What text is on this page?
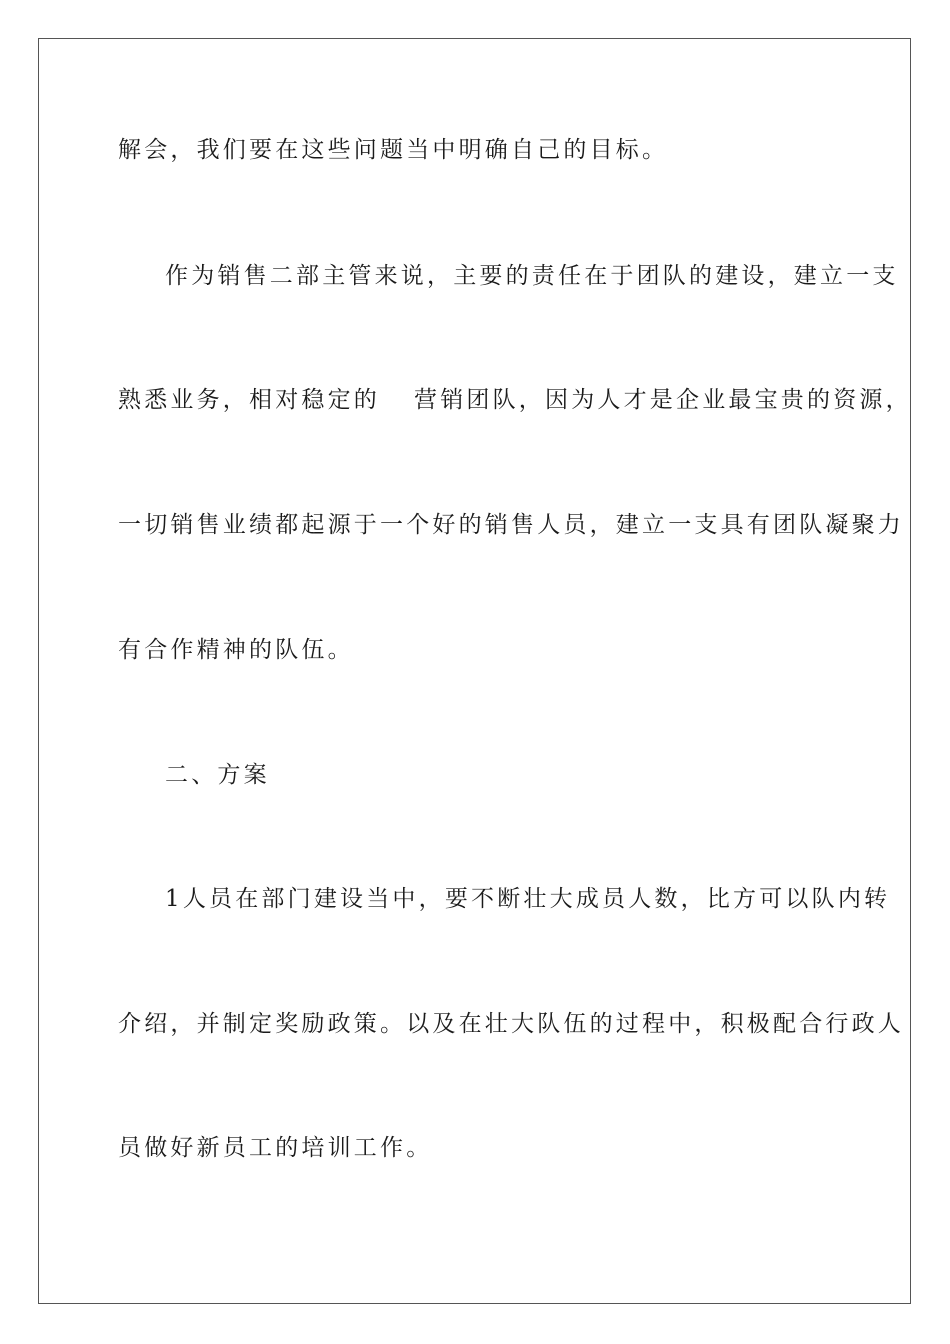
解会，我们要在这些问题当中明确自己的目标。
作为销售二部主管来说，主要的责任在于团队的建设，建立一支
熟悉业务，相对稳定的 营销团队，因为人才是企业最宝贵的资源，
一切销售业绩都起源于一个好的销售人员，建立一支具有团队凝聚力
有合作精神的队伍。
二、方案
1人员在部门建设当中，要不断壮大成员人数，比方可以队内转
介绍，并制定奖励政策。以及在壮大队伍的过程中，积极配合行政人
员做好新员工的培训工作。
